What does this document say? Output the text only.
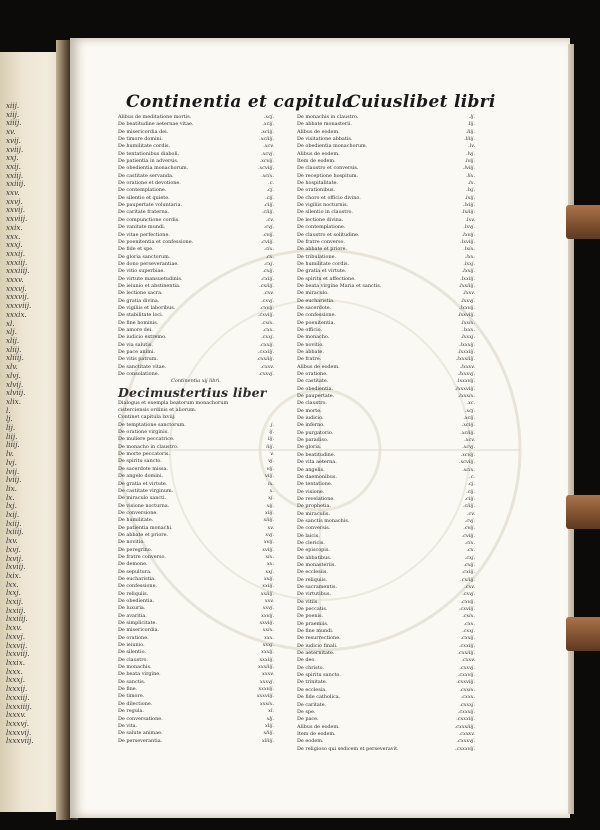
xiij.
xiij.
xiiij.
xv.
xvij.
xviij.
xxj.
xxij.
xxiij.
xxiiij.
xxv.
xxvj.
xxvij.
xxviij.
xxix.
xxx.
xxxj.
xxxij.
xxxiij.
xxxiiij.
xxxv.
xxxvj.
xxxvij.
xxxviij.
xxxix.
xl.
xlj.
xlij.
xliij.
xliiij.
xlv.
xlvj.
xlvij.
xlviij.
xlix.
l.
lj.
lij.
liij.
liiij.
lv.
lvj.
lvij.
lviij.
lix.
lx.
lxj.
lxij.
lxiij.
lxiiij.
lxv.
lxvj.
lxvij.
lxviij.
lxix.
lxx.
lxxj.
lxxij.
lxxiij.
lxxiiij.
lxxv.
lxxvj.
lxxvij.
lxxviij.
lxxix.
lxxx.
lxxxj.
lxxxij.
lxxxiij.
lxxxiiij.
lxxxv.
lxxxvj.
lxxxvij.
lxxxviij.
Continentia et capitula
Cuiuslibet libri
Alibus de meditatione mortis.	.xcj.
De beatitudine aeternae vitae.	.xcij.
De misericordia dei.	.xciij.
De timore domini.	.xciiij.
De humilitate cordis.	.xcv.
De tentationibus diaboli.	.xcvj.
De patientia in adversis.	.xcvij.
De obedientia monachorum.	.xcviij.
De castitate servanda.	.xcix.
De oratione et devotione.	.c.
De contemplatione.	.cj.
De silentio et quiete.	.cij.
De paupertate voluntaria.	.ciij.
De caritate fraterna.	.ciiij.
De compunctione cordis.	.cv.
De vanitate mundi.	.cvj.
De vitae perfectione.	.cvij.
De poenitentia et confessione.	.cviij.
De fide et spe.	.cix.
De gloria sanctorum.	.cx.
De dono perseverantiae.	.cxj.
De vitio superbiae.	.cxij.
De virtute mansuetudinis.	.cxiij.
De ieiunio et abstinentia.	.cxiiij.
De lectione sacra.	.cxv.
De gratia divina.	.cxvj.
De vigiliis et laboribus.	.cxvij.
De stabilitate loci.	.cxviij.
De fine hominis.	.cxix.
De amore dei.	.cxx.
De iudicio extremo.	.cxxj.
De via salutis.	.cxxij.
De pace animi.	.cxxiij.
De vitis patrum.	.cxxiiij.
De sanctitate vitae.	.cxxv.
De consolatione.	.cxxvj.
Continentia xij libri.
Decimustertius liber
Dialogus et exempla beatorum monachorum
cisterciensis ordinis et aliorum.
Continet capitula lxviij.
De temptatione sanctorum.	j.
De oratione virginis.	ij.
De muliere peccatrice.	iij.
De monacho in claustro.	iiij.
De morte peccatoris.	v.
De spiritu sancto.	vj.
De sacerdote missa.	vij.
De angelo domini.	viij.
De gratia et virtute.	ix.
De castitate virginum.	x.
De miraculo sancti.	xj.
De visione nocturna.	xij.
De conversione.	xiij.
De humilitate.	xiiij.
De patientia monachi.	xv.
De abbate et priore.	xvj.
De novitio.	xvij.
De peregrino.	xviij.
De fratre converso.	xix.
De demone.	xx.
De sepultura.	xxj.
De eucharistia.	xxij.
De confessione.	xxiij.
De reliquiis.	xxiiij.
De obedientia.	xxv.
De luxuria.	xxvj.
De avaritia.	xxvij.
De simplicitate.	xxviij.
De misericordia.	xxix.
De oratione.	xxx.
De ieiunio.	xxxj.
De silentio.	xxxij.
De claustro.	xxxiij.
De monachis.	xxxiiij.
De beata virgine.	xxxv.
De sanctis.	xxxvj.
De fine.	xxxvij.
De timore.	xxxviij.
De dilectione.	xxxix.
De regula.	xl.
De conversatione.	xlj.
De vita.	xlij.
De salute animae.	xliij.
De perseverantia.	xliiij.
De monachis in claustro.	.lj.
De abbate monasterii.	.lij.
Alibus de eodem.	.liij.
De visitatione abbatis.	.liiij.
De obedientia monachorum.	.lv.
Alibus de eodem.	.lvj.
Item de eodem.	.lvij.
De claustro et conversis.	.lviij.
De receptione hospitum.	.lix.
De hospitalitate.	.lx.
De orationibus.	.lxj.
De choro et officio divino.	.lxij.
De vigiliis nocturnis.	.lxiij.
De silentio in claustro.	.lxiiij.
De lectione divina.	.lxv.
De contemplatione.	.lxvj.
De claustro et solitudine.	.lxvij.
De fratre converso.	.lxviij.
De abbate et priore.	.lxix.
De tribulatione.	.lxx.
De humilitate cordis.	.lxxj.
De gratia et virtute.	.lxxij.
De spiritu et affectione.	.lxxiij.
De beata virgine Maria et sanctis.	.lxxiiij.
De miraculo.	.lxxv.
De eucharistia.	.lxxvj.
De sacerdote.	.lxxvij.
De confessione.	.lxxviij.
De poenitentia.	.lxxix.
De officio.	.lxxx.
De monacho.	.lxxxj.
De novitio.	.lxxxij.
De abbate.	.lxxxiij.
De fratre.	.lxxxiiij.
Alibus de eodem.	.lxxxv.
De oratione.	.lxxxvj.
De castitate.	.lxxxvij.
De obedientia.	.lxxxviij.
De paupertate.	.lxxxix.
De claustro.	.xc.
De morte.	.xcj.
De iudicio.	.xcij.
De inferno.	.xciij.
De purgatorio.	.xciiij.
De paradiso.	.xcv.
De gloria.	.xcvj.
De beatitudine.	.xcvij.
De vita aeterna.	.xcviij.
De angelis.	.xcix.
De daemonibus.	.c.
De tentatione.	.cj.
De visione.	.cij.
De revelatione.	.ciij.
De prophetia.	.ciiij.
De miraculis.	.cv.
De sanctis monachis.	.cvj.
De conversis.	.cvij.
De laicis.	.cviij.
De clericis.	.cix.
De episcopis.	.cx.
De abbatibus.	.cxj.
De monasteriis.	.cxij.
De ecclesiis.	.cxiij.
De reliquiis.	.cxiiij.
De sacramentis.	.cxv.
De virtutibus.	.cxvj.
De vitiis.	.cxvij.
De peccatis.	.cxviij.
De poenis.	.cxix.
De praemiis.	.cxx.
De fine mundi.	.cxxj.
De resurrectione.	.cxxij.
De iudicio finali.	.cxxiij.
De aeternitate.	.cxxiiij.
De deo.	.cxxv.
De christo.	.cxxvj.
De spiritu sancto.	.cxxvij.
De trinitate.	.cxxviij.
De ecclesia.	.cxxix.
De fide catholica.	.cxxx.
De caritate.	.cxxxj.
De spe.	.cxxxij.
De pace.	.cxxxiij.
Alibus de eodem.	.cxxxiiij.
Item de eodem.	.cxxxv.
De eodem.	.cxxxvj.
De religioso qui sedicem et perseveravit.	.cxxxvij.
